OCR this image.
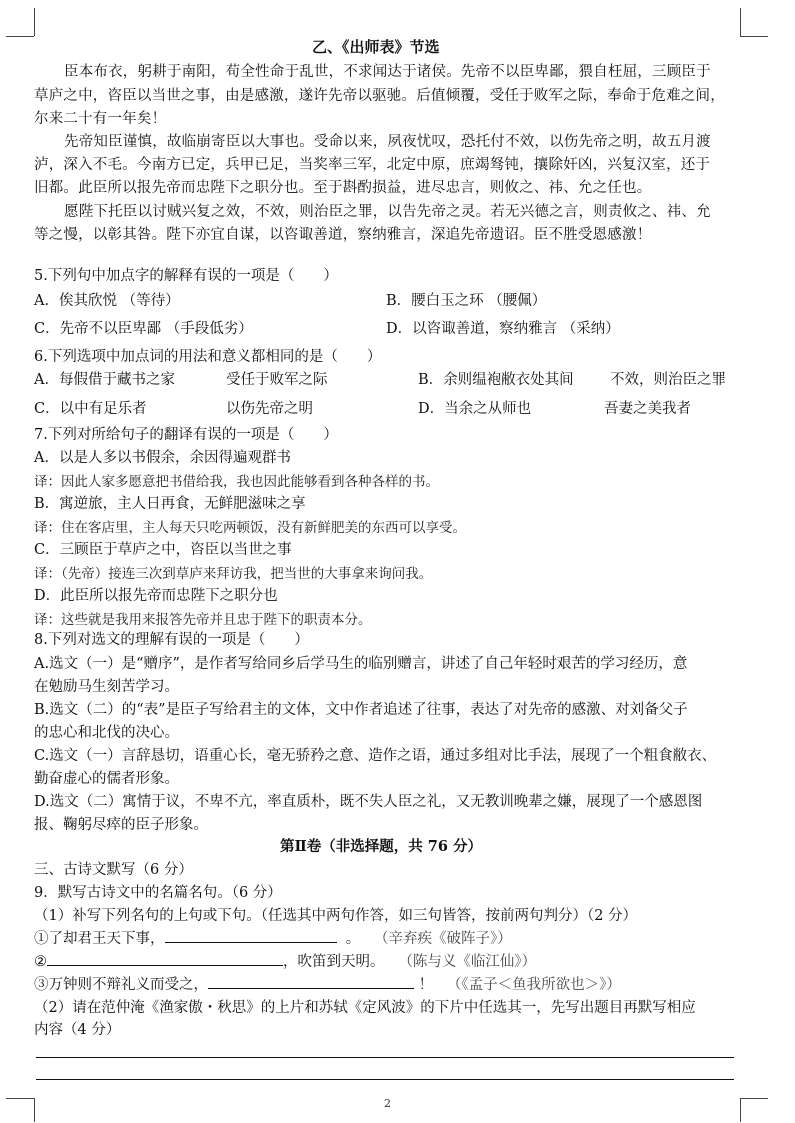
乙、《出师表》节选
臣本布衣，躬耕于南阳，苟全性命于乱世，不求闻达于诸侯。先帝不以臣卑鄙，猥自枉屈，三顾臣于
草庐之中，咨臣以当世之事，由是感激，遂许先帝以驱驰。后值倾覆，受任于败军之际，奉命于危难之间，
尔来二十有一年矣！
先帝知臣谨慎，故临崩寄臣以大事也。受命以来，夙夜忧叹，恐托付不效，以伤先帝之明，故五月渡
泸，深入不毛。今南方已定，兵甲已足，当奖率三军，北定中原，庶竭驽钝，攘除奸凶，兴复汉室，还于
旧都。此臣所以报先帝而忠陛下之职分也。至于斟酌损益，进尽忠言，则攸之、祎、允之任也。
愿陛下托臣以讨贼兴复之效，不效，则治臣之罪，以告先帝之灵。若无兴德之言，则责攸之、祎、允
等之慢，以彰其咎。陛下亦宜自谋，以咨诹善道，察纳雅言，深追先帝遗诏。臣不胜受恩感激！
5.下列句中加点字的解释有误的一项是（　　）
A．俟其欣悦 （等待）	B．腰白玉之环 （腰佩）
C．先帝不以臣卑鄙 （手段低劣）	D．以咨诹善道，察纳雅言 （采纳）
6.下列选项中加点词的用法和意义都相同的是（　　）
A．每假借于藏书之家	受任于败军之际	B．余则缊袍敝衣处其间	不效，则治臣之罪
C．以中有足乐者	以伤先帝之明	D．当余之从师也	吾妻之美我者
7.下列对所给句子的翻译有误的一项是（　　）
A．以是人多以书假余，余因得遍观群书
译：因此人家多愿意把书借给我，我也因此能够看到各种各样的书。
B．寓逆旅，主人日再食，无鲜肥滋味之享
译：住在客店里，主人每天只吃两顿饭，没有新鲜肥美的东西可以享受。
C．三顾臣于草庐之中，咨臣以当世之事
译：（先帝）接连三次到草庐来拜访我，把当世的大事拿来询问我。
D．此臣所以报先帝而忠陛下之职分也
译：这些就是我用来报答先帝并且忠于陛下的职责本分。
8.下列对选文的理解有误的一项是（　　）
A.选文（一）是“赠序”，是作者写给同乡后学马生的临别赠言，讲述了自己年轻时艰苦的学习经历，意
在勉励马生刻苦学习。
B.选文（二）的“表”是臣子写给君主的文体，文中作者追述了往事，表达了对先帝的感激、对刘备父子
的忠心和北伐的决心。
C.选文（一）言辞恳切，语重心长，毫无骄矜之意、造作之语，通过多组对比手法，展现了一个粗食敝衣、
勤奋虚心的儒者形象。
D.选文（二）寓情于议，不卑不亢，率直质朴，既不失人臣之礼，又无教训晚辈之嫌，展现了一个感恩图
报、鞠躬尽瘁的臣子形象。
第Ⅱ卷（非选择题，共 76 分）
三、古诗文默写（6 分）
9．默写古诗文中的名篇名句。（6 分）
（1）补写下列名句的上句或下句。（任选其中两句作答，如三句皆答，按前两句判分）（2 分）
①了却君王天下事，	。 （辛弃疾《破阵子》）
②	，吹笛到天明。 （陈与义《临江仙》）
③万钟则不辩礼义而受之，	！ （《孟子＜鱼我所欲也＞》）
（2）请在范仲淹《渔家傲・秋思》的上片和苏轼《定风波》的下片中任选其一，先写出题目再默写相应
内容（4 分）
2
